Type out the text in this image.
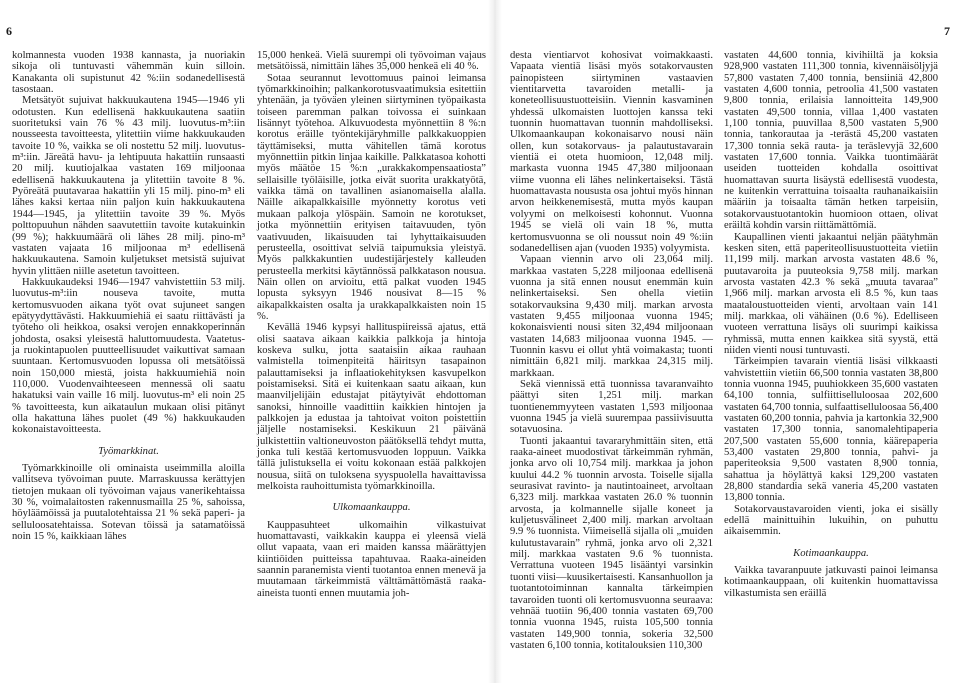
6	7

kolmannesta vuoden 1938 kannasta, ja nuoriakin sikoja oli tuntuvasti vähemmän kuin silloin. Kanakanta oli supistunut 42 %:iin sodanedellisestä tasostaan.

Metsätyöt sujuivat hakkuukautena 1945—1946 yli odotusten. Kun edellisenä hakkuukautena saatiin suoritetuksi vain 76 % 43 milj. luovutus-m³:iin nousseesta tavoitteesta, ylitettiin viime hakkuukauden tavoite 10 %, vaikka se oli nostettu 52 milj. luovutus-m³:iin. Järeätä havu- ja lehtipuuta hakattiin runsaasti 20 milj. kuutiojalkaa vastaten 169 miljoonaa edellisenä hakkuukautena ja ylitettiin tavoite 8 %. Pyöreätä puutavaraa hakattiin yli 15 milj. pino-m³ eli lähes kaksi kertaa niin paljon kuin hakkuukautena 1944—1945, ja ylitettiin tavoite 39 %. Myös polttopuuhun nähden saavutettiin tavoite kutakuinkin (99 %); hakkuumäärä oli lähes 28 milj. pino-m³ vastaten vajaata 16 miljoonaa m³ edellisenä hakkuukautena. Samoin kuljetukset metsistä sujuivat hyvin ylittäen niille asetetun tavoitteen.

Hakkuukaudeksi 1946—1947 vahvistettiin 53 milj. luovutus-m³:iin nouseva tavoite, mutta kertomusvuoden aikana työt ovat sujuneet sangen epätyydyttävästi. Hakkuumiehiä ei saatu riittävästi ja työteho oli heikkoa, osaksi verojen ennakkoperinnän johdosta, osaksi yleisestä haluttomuudesta. Vaatetus- ja ruokintapuolen puutteellisuudet vaikuttivat samaan suuntaan. Kertomusvuoden lopussa oli metsätöissä noin 150,000 miestä, joista hakkuumiehiä noin 110,000. Vuodenvaihteeseen mennessä oli saatu hakatuksi vain vaille 16 milj. luovutus-m³ eli noin 25 % tavoitteesta, kun aikataulun mukaan olisi pitänyt olla hakattuna lähes puolet (49 %) hakkuukauden kokonaistavoitteesta.

Työmarkkinat.

Työmarkkinoille oli ominaista useimmilla aloilla vallitseva työvoiman puute. Marraskuussa kerättyjen tietojen mukaan oli työvoiman vajaus vanerikehtaissa 30 %, voimalaitosten rakennusmailla 25 %, sahoissa, höyläämöissä ja puutalotehtaissa 21 % sekä paperi- ja selluloosatehtaissa. Sotevan töissä ja satamatöissä noin 15 %, kaikkiaan lähes

15,000 henkeä. Vielä suurempi oli työvoiman vajaus metsätöissä, nimittäin lähes 35,000 henkeä eli 40 %.

Sotaa seurannut levottomuus painoi leimansa työmarkkinoihin; palkankorotusvaatimuksia esitettiin yhtenään, ja työväen yleinen siirtyminen työpaikasta toiseen paremman palkan toivossa ei suinkaan lisännyt työtehoa. Alkuvuodesta myönnettiin 8 %:n korotus eräille työntekijäryhmille palkkakuoppien täyttämiseksi, mutta vähitellen tämä korotus myönnettiin pitkin linjaa kaikille. Palkkatasoa kohotti myös määtöe 15 %:n „urakkakompensaatiosta” sellaisille työläisille, jotka eivät suorita urakkatyötä, vaikka tämä on tavallinen asianomaisella alalla. Näille aikapalkkaisille myönnetty korotus veti mukaan palkoja ylöspäin. Samoin ne korotukset, jotka myönnettiin erityisen taitavuuden, työn vaativuuden, likaisuuden tai lyhyttaikaisuuden perusteella, osoittivat selviä taipumuksia yleistyä. Myös palkkakuntien uudestijärjestely kalleuden perusteella merkitsi käytännössä palkkatason nousua. Näin ollen on arvioitu, että palkat vuoden 1945 lopusta syksyyn 1946 nousivat 8—15 % aikapalkkaisten osalta ja urakkapalkkaisten noin 15 %.

Kevällä 1946 kypsyi hallituspiireissä ajatus, että olisi saatava aikaan kaikkia palkkoja ja hintoja koskeva sulku, jotta saataisiin aikaa rauhaan valmistella toimenpiteitä häiritsyn tasapainon palauttamiseksi ja inflaatiokehityksen kasvupelkon poistamiseksi. Sitä ei kuitenkaan saatu aikaan, kun maanviljelijäin edustajat pitäytyivät ehdottoman sanoksi, hinnoille vaadittiin kaikkien hintojen ja palkkojen ja edustaa ja tahtoivat voiton poistettiin jäljelle nostamiseksi. Keskikuun 21 päivänä julkistettiin valtioneuvoston päätöksellä tehdyt mutta, jonka tuli kestää kertomusvuoden loppuun. Vaikka tällä julistuksella ei voitu kokonaan estää palkkojen nousua, siitä on tuloksena syyspuolella havaittavissa melkoista rauhoittumista työmarkkinoilla.

Ulkomaankauppa.

Kauppasuhteet ulkomaihin vilkastuivat huomattavasti, vaikkakin kauppa ei yleensä vielä ollut vapaata, vaan eri maiden kanssa määrättyjen kiintiöiden puitteissa tapahtuvaa. Raaka-aineiden saannin paranemista vienti tuotantoa ennen menevä ja muutamaan tärkeimmistä välttämättömästä raaka-aineista tuonti ennen muutamia joh-

desta vientiarvot kohosivat voimakkaasti. Vapaata vientiä lisäsi myös sotakorvausten painopisteen siirtyminen vastaavien vientitarvetta tavaroiden metalli- ja koneteollisuustuotteisiin. Viennin kasvaminen yhdessä ulkomaisten luottojen kanssa teki tuonnin huomattavan tuonnin mahdolliseksi. Ulkomaankaupan kokonaisarvo nousi näin ollen, kun sotakorvaus- ja palautustavarain vientiä ei oteta huomioon, 12,048 milj. markasta vuonna 1945 47,380 miljoonaan viime vuonna eli lähes nelinkertaiseksi. Tästä huomattavasta noususta osa johtui myös hinnan arvon heikkenemisestä, mutta myös kaupan volyymi on melkoisesti kohonnut. Vuonna 1945 se vielä oli vain 18 %, mutta kertomusvuonna se oli noussut noin 49 %:iin sodanedellisen ajan (vuoden 1935) volyymista.

Vapaan viennin arvo oli 23,064 milj. markkaa vastaten 5,228 miljoonaa edellisenä vuonna ja sitä ennen nousut enemmän kuin nelinkertaiseksi. Sen ohella vietiin sotakorvauksina 9,430 milj. markan arvosta vastaten 9,455 miljoonaa vuonna 1945; kokonaisvienti nousi siten 32,494 miljoonaan vastaten 14,683 miljoonaa vuonna 1945. — Tuonnin kasvu ei ollut yhtä voimakasta; tuonti nimittäin 6,821 milj. markkaa 24,315 milj. markkaan.

Sekä viennissä että tuonnissa tavaranvaihto päättyi siten 1,251 milj. markan tuontienemmyyteen vastaten 1,593 miljoonaa vuonna 1945 ja vielä suurempaa passiivisuutta sotavuosina.

Tuonti jakaantui tavararyhmittäin siten, että raaka-aineet muodostivat tärkeimmän ryhmän, jonka arvo oli 10,754 milj. markkaa ja johon kuului 44.2 % tuonnin arvosta. Toiselle sijalla seurasivat ravinto- ja nautintoaineet, arvoltaan 6,323 milj. markkaa vastaten 26.0 % tuonnin arvosta, ja kolmannelle sijalle koneet ja kuljetusvälineet 2,400 milj. markan arvoltaan 9.9 % tuonnista. Viimeisellä sijalla oli „muiden kulutustavarain” ryhmä, jonka arvo oli 2,321 milj. markkaa vastaten 9.6 % tuonnista. Verrattuna vuoteen 1945 lisääntyi varsinkin tuonti viisi—kuusikertaisesti. Kansanhuollon ja tuotantotoiminnan kannalta tärkeimpien tavaroiden tuonti oli kertomusvuonna seuraava: vehnää tuotiin 96,400 tonnia vastaten 69,700 tonnia vuonna 1945, ruista 105,500 tonnia vastaten 149,900 tonnia, sokeria 32,500 vastaten 6,100 tonnia, kotitalouksien 110,300

vastaten 44,600 tonnia, kivihiiltä ja koksia 928,900 vastaten 111,300 tonnia, kivennäisöljyjä 57,800 vastaten 7,400 tonnia, bensiiniä 42,800 vastaten 4,600 tonnia, petroolia 41,500 vastaten 9,800 tonnia, erilaisia lannoitteita 149,900 vastaten 49,500 tonnia, villaa 1,400 vastaten 1,100 tonnia, puuvillaa 8,500 vastaten 5,900 tonnia, tankorautaa ja -terästä 45,200 vastaten 17,300 tonnia sekä rauta- ja teräslevyjä 32,600 vastaten 17,600 tonnia. Vaikka tuontimäärät useiden tuotteiden kohdalla osoittivat huomattavan suurta lisäystä edellisestä vuodesta, ne kuitenkin verrattuina toisaalta rauhanaikaisiin määriin ja toisaalta tämän hetken tarpeisiin, sotakorvaustuotantokin huomioon ottaen, olivat eräiltä kohdin varsin riittämättömiä.

Kaupallinen vienti jakaantui neljän päätyhmän kesken siten, että paperiteollisuustuotteita vietiin 11,199 milj. markan arvosta vastaten 48.6 %, puutavaroita ja puuteoksia 9,758 milj. markan arvosta vastaten 42.3 % sekä „muuta tavaraa” 1,966 milj. markan arvosta eli 8.5 %, kun taas maataloustuotteiden vienti, arvoltaan vain 141 milj. markkaa, oli vähäinen (0.6 %). Edelliseen vuoteen verrattuna lisäys oli suurimpi kaikissa ryhmissä, mutta ennen kaikkea sitä syystä, että niiden vienti nousi tuntuvasti.

Tärkeimpien tavarain vientiä lisäsi vilkkaasti vahvistettiin vietiin 66,500 tonnia vastaten 38,800 tonnia vuonna 1945, puuhiokkeen 35,600 vastaten 64,100 tonnia, sulfiittiselluloosaa 202,600 vastaten 64,700 tonnia, sulfaattiselluloosaa 56,400 vastaten 60,200 tonnia, pahvia ja kartonkia 32,900 vastaten 17,300 tonnia, sanomalehtipaperia 207,500 vastaten 55,600 tonnia, käärepaperia 53,400 vastaten 29,800 tonnia, pahvi- ja paperiteoksia 9,500 vastaten 8,900 tonnia, sahattua ja höylättyä kaksi 129,200 vastaten 28,800 standardia sekä vaneria 45,200 vastaten 13,800 tonnia.

Sotakorvaustavaroiden vienti, joka ei sisälly edellä mainittuihin lukuihin, on puhuttu aikaisemmin.

Kotimaankauppa.

Vaikka tavaranpuute jatkuvasti painoi leimansa kotimaankauppaan, oli kuitenkin huomattavissa vilkastumista sen eräillä
